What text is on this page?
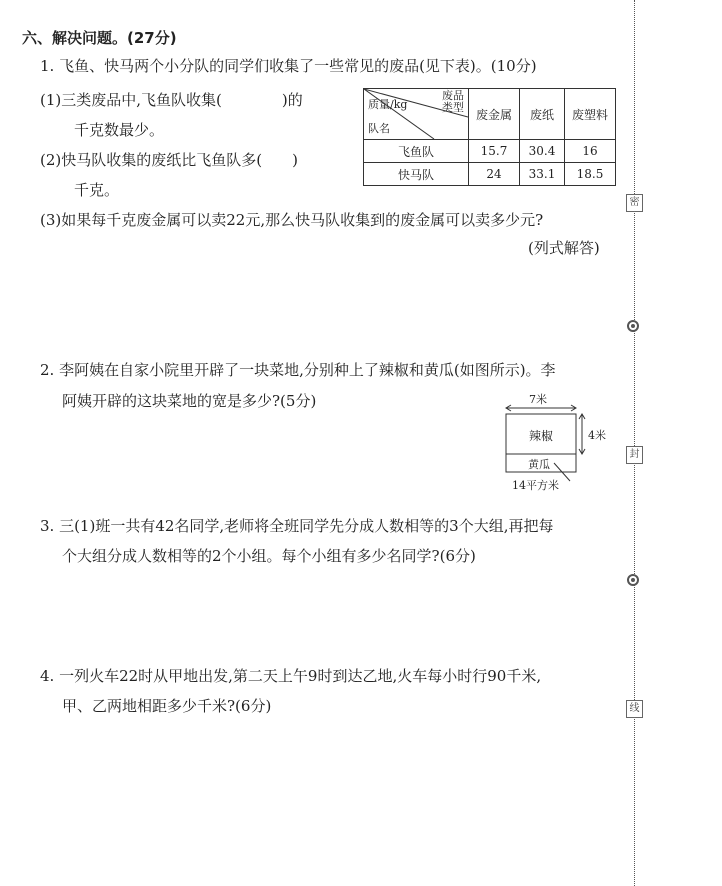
六、解决问题。(27分)
1. 飞鱼、快马两个小分队的同学们收集了一些常见的废品(见下表)。(10分)
(1)三类废品中,飞鱼队收集(　　　　)的
千克数最少。
(2)快马队收集的废纸比飞鱼队多(　　)
千克。
废品
类型
质量/kg
队名	废金属	废纸	废塑料
飞鱼队	15.7	30.4	16
快马队	24	33.1	18.5
(3)如果每千克废金属可以卖22元,那么快马队收集到的废金属可以卖多少元?
(列式解答)
2. 李阿姨在自家小院里开辟了一块菜地,分别种上了辣椒和黄瓜(如图所示)。李
阿姨开辟的这块菜地的宽是多少?(5分)	7米
4米
辣椒
黄瓜
14平方米
3. 三(1)班一共有42名同学,老师将全班同学先分成人数相等的3个大组,再把每
个大组分成人数相等的2个小组。每个小组有多少名同学?(6分)
4. 一列火车22时从甲地出发,第二天上午9时到达乙地,火车每小时行90千米,
甲、乙两地相距多少千米?(6分)
密
封
线
